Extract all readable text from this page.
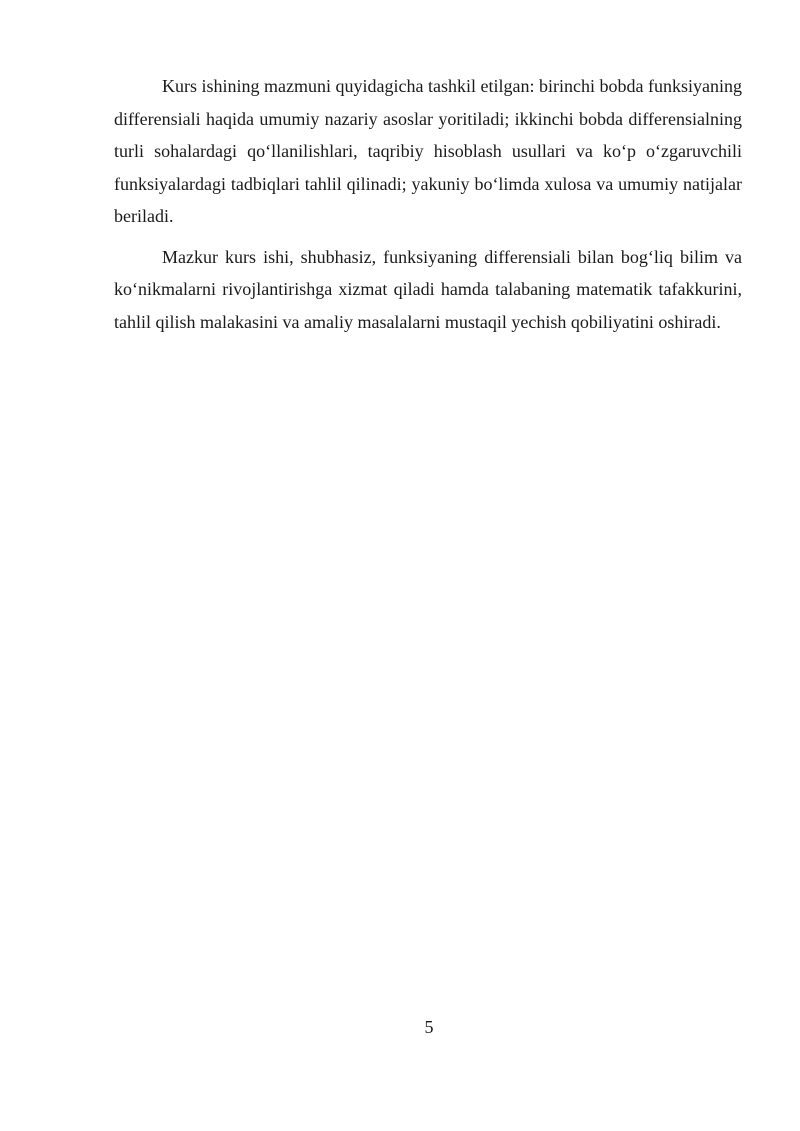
Kurs ishining mazmuni quyidagicha tashkil etilgan: birinchi bobda funksiyaning differensiali haqida umumiy nazariy asoslar yoritiladi; ikkinchi bobda differensialning turli sohalardagi qo‘llanilishlari, taqribiy hisoblash usullari va ko‘p o‘zgaruvchili funksiyalardagi tadbiqlari tahlil qilinadi; yakuniy bo‘limda xulosa va umumiy natijalar beriladi.

Mazkur kurs ishi, shubhasiz, funksiyaning differensiali bilan bog‘liq bilim va ko‘nikmalarni rivojlantirishga xizmat qiladi hamda talabaning matematik tafakkurini, tahlil qilish malakasini va amaliy masalalarni mustaqil yechish qobiliyatini oshiradi.

5
